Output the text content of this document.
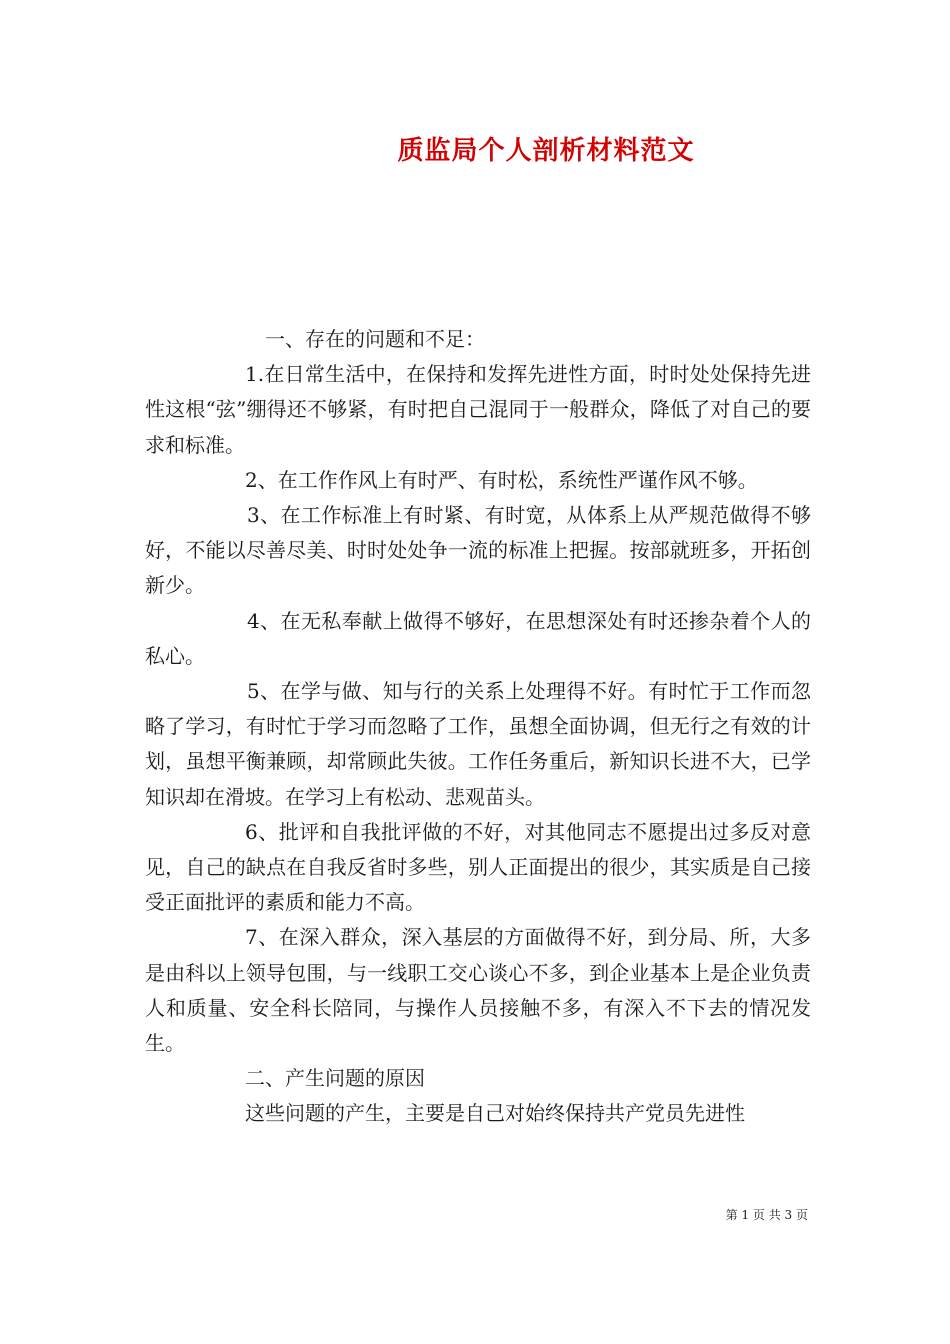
质监局个人剖析材料范文

一、存在的问题和不足：

1.在日常生活中，在保持和发挥先进性方面，时时处处保持先进性这根“弦”绷得还不够紧，有时把自己混同于一般群众，降低了对自己的要求和标准。

2、在工作作风上有时严、有时松，系统性严谨作风不够。

3、在工作标准上有时紧、有时宽，从体系上从严规范做得不够好，不能以尽善尽美、时时处处争一流的标准上把握。按部就班多，开拓创新少。

4、在无私奉献上做得不够好，在思想深处有时还掺杂着个人的私心。

5、在学与做、知与行的关系上处理得不好。有时忙于工作而忽略了学习，有时忙于学习而忽略了工作，虽想全面协调，但无行之有效的计划，虽想平衡兼顾，却常顾此失彼。工作任务重后，新知识长进不大，已学知识却在滑坡。在学习上有松动、悲观苗头。

6、批评和自我批评做的不好，对其他同志不愿提出过多反对意见，自己的缺点在自我反省时多些，别人正面提出的很少，其实质是自己接受正面批评的素质和能力不高。

7、在深入群众，深入基层的方面做得不好，到分局、所，大多是由科以上领导包围，与一线职工交心谈心不多，到企业基本上是企业负责人和质量、安全科长陪同，与操作人员接触不多，有深入不下去的情况发生。

二、产生问题的原因

这些问题的产生，主要是自己对始终保持共产党员先进性

第 1 页 共 3 页
